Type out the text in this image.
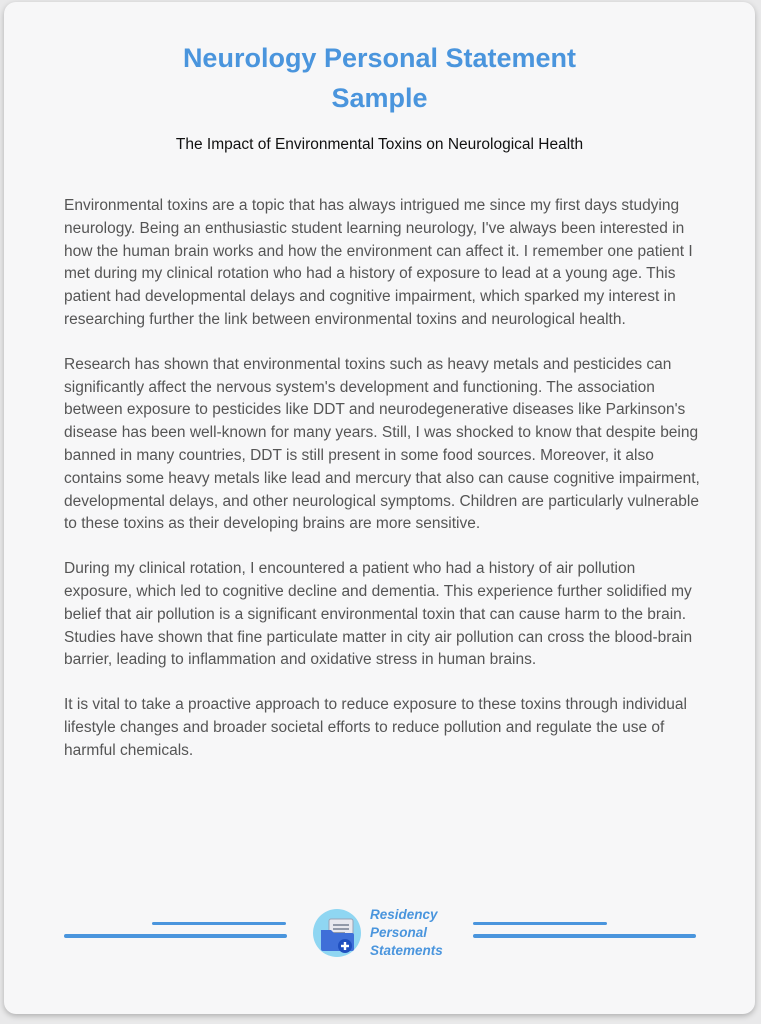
Neurology Personal Statement
Sample
The Impact of Environmental Toxins on Neurological Health

Environmental toxins are a topic that has always intrigued me since my first days studying neurology. Being an enthusiastic student learning neurology, I've always been interested in how the human brain works and how the environment can affect it. I remember one patient I met during my clinical rotation who had a history of exposure to lead at a young age. This patient had developmental delays and cognitive impairment, which sparked my interest in researching further the link between environmental toxins and neurological health.

Research has shown that environmental toxins such as heavy metals and pesticides can significantly affect the nervous system's development and functioning. The association between exposure to pesticides like DDT and neurodegenerative diseases like Parkinson's disease has been well-known for many years. Still, I was shocked to know that despite being banned in many countries, DDT is still present in some food sources. Moreover, it also contains some heavy metals like lead and mercury that also can cause cognitive impairment, developmental delays, and other neurological symptoms. Children are particularly vulnerable to these toxins as their developing brains are more sensitive.

During my clinical rotation, I encountered a patient who had a history of air pollution exposure, which led to cognitive decline and dementia. This experience further solidified my belief that air pollution is a significant environmental toxin that can cause harm to the brain. Studies have shown that fine particulate matter in city air pollution can cross the blood-brain barrier, leading to inflammation and oxidative stress in human brains.

It is vital to take a proactive approach to reduce exposure to these toxins through individual lifestyle changes and broader societal efforts to reduce pollution and regulate the use of harmful chemicals.

Residency
Personal
Statements
